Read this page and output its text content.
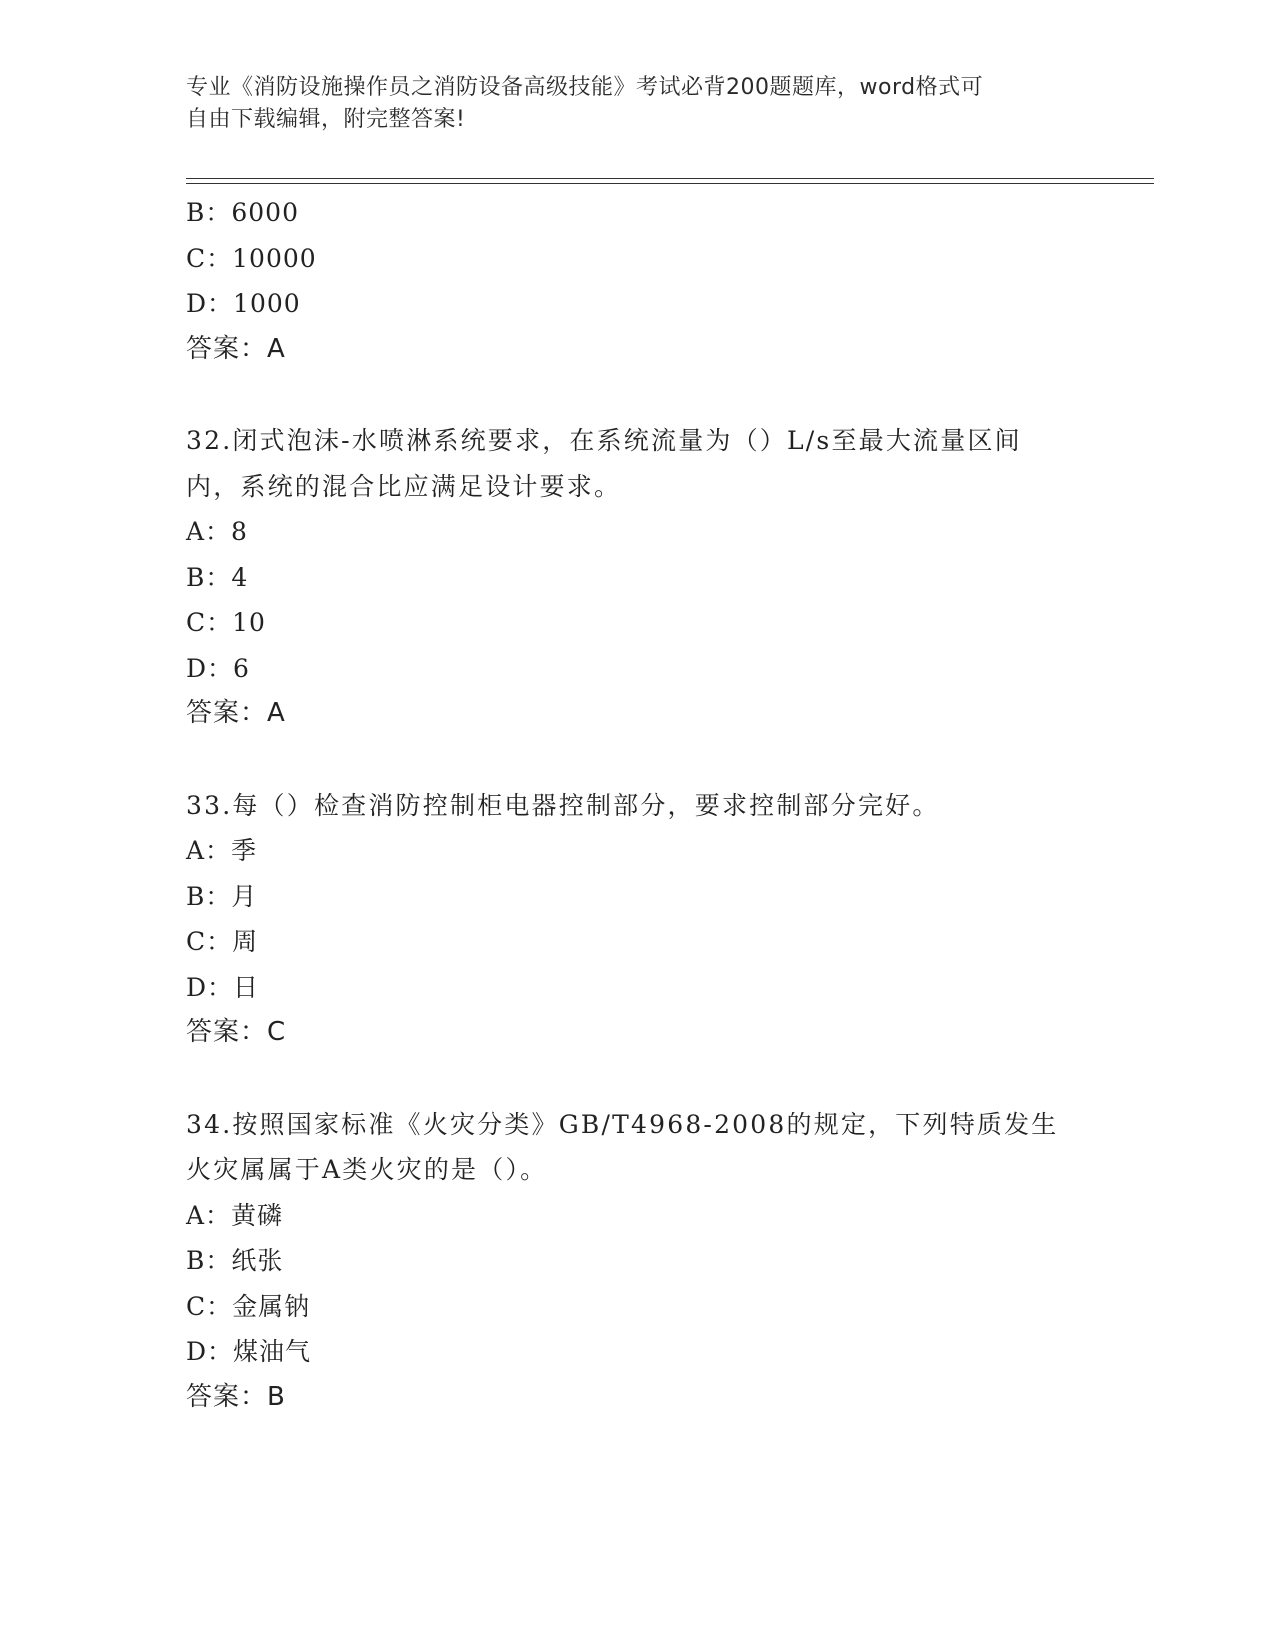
专业《消防设施操作员之消防设备高级技能》考试必背200题题库，word格式可
自由下载编辑，附完整答案!
B：6000
C：10000
D：1000
答案：A
32.闭式泡沫-水喷淋系统要求，在系统流量为（）L/s至最大流量区间
内，系统的混合比应满足设计要求。
A：8
B：4
C：10
D：6
答案：A
33.每（）检查消防控制柜电器控制部分，要求控制部分完好。
A：季
B：月
C：周
D：日
答案：C
34.按照国家标准《火灾分类》GB/T4968-2008的规定，下列特质发生
火灾属属于A类火灾的是（）。
A：黄磷
B：纸张
C：金属钠
D：煤油气
答案：B
